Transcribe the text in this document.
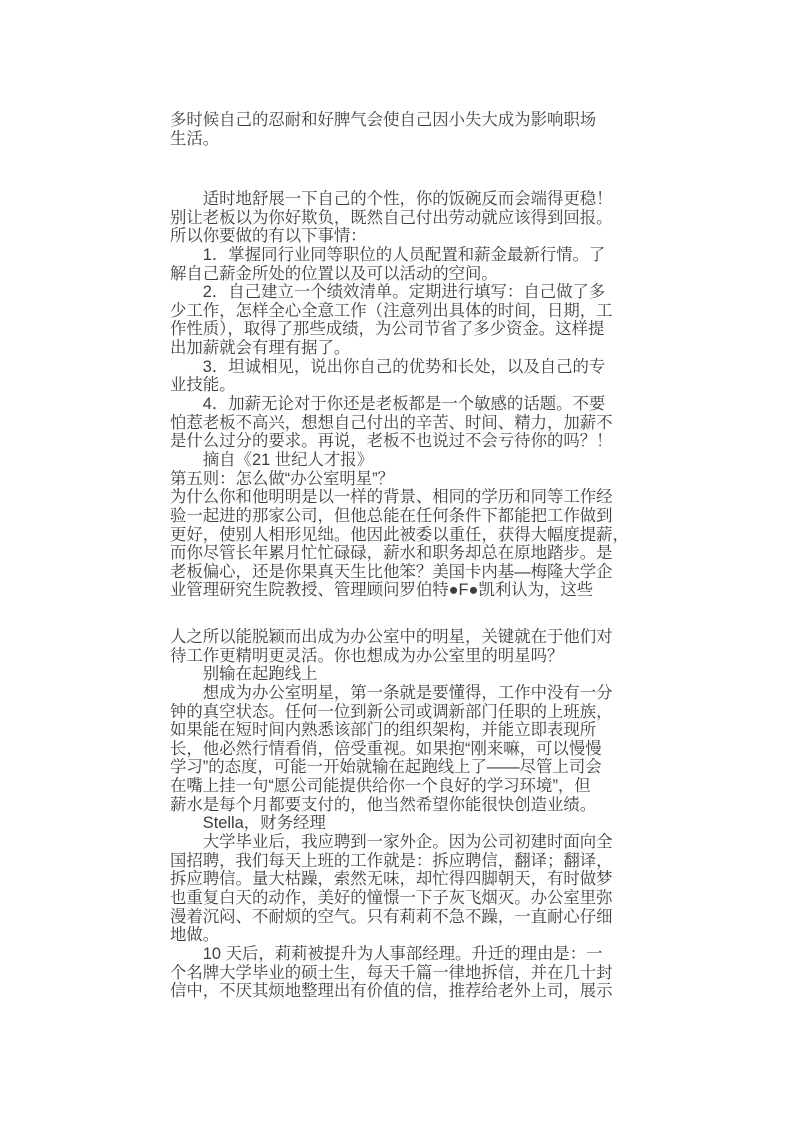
多时候自己的忍耐和好脾气会使自己因小失大成为影响职场
生活。
　　适时地舒展一下自己的个性，你的饭碗反而会端得更稳！
别让老板以为你好欺负，既然自己付出劳动就应该得到回报。
所以你要做的有以下事情：
　　1．掌握同行业同等职位的人员配置和薪金最新行情。了
解自己薪金所处的位置以及可以活动的空间。
　　2．自己建立一个绩效清单。定期进行填写：自己做了多
少工作，怎样全心全意工作（注意列出具体的时间，日期，工
作性质），取得了那些成绩，为公司节省了多少资金。这样提
出加薪就会有理有据了。
　　3．坦诚相见，说出你自己的优势和长处，以及自己的专
业技能。
　　4．加薪无论对于你还是老板都是一个敏感的话题。不要
怕惹老板不高兴，想想自己付出的辛苦、时间、精力，加薪不
是什么过分的要求。再说，老板不也说过不会亏待你的吗？！
　　摘自《21 世纪人才报》
第五则：怎么做“办公室明星”？
为什么你和他明明是以一样的背景、相同的学历和同等工作经
验一起进的那家公司，但他总能在任何条件下都能把工作做到
更好，使别人相形见绌。他因此被委以重任，获得大幅度提薪，
而你尽管长年累月忙忙碌碌，薪水和职务却总在原地踏步。是
老板偏心，还是你果真天生比他笨？美国卡内基—梅隆大学企
业管理研究生院教授、管理顾问罗伯特●F●凯利认为，这些
人之所以能脱颖而出成为办公室中的明星，关键就在于他们对
待工作更精明更灵活。你也想成为办公室里的明星吗？
　　别输在起跑线上
　　想成为办公室明星，第一条就是要懂得，工作中没有一分
钟的真空状态。任何一位到新公司或调新部门任职的上班族，
如果能在短时间内熟悉该部门的组织架构，并能立即表现所
长，他必然行情看俏，倍受重视。如果抱“刚来嘛，可以慢慢
学习”的态度，可能一开始就输在起跑线上了——尽管上司会
在嘴上挂一句“愿公司能提供给你一个良好的学习环境”，但
薪水是每个月都要支付的，他当然希望你能很快创造业绩。
　　Stella，财务经理
　　大学毕业后，我应聘到一家外企。因为公司初建时面向全
国招聘，我们每天上班的工作就是：拆应聘信，翻译；翻译，
拆应聘信。量大枯躁，索然无味，却忙得四脚朝天，有时做梦
也重复白天的动作，美好的憧憬一下子灰飞烟灭。办公室里弥
漫着沉闷、不耐烦的空气。只有莉莉不急不躁，一直耐心仔细
地做。
　　10 天后，莉莉被提升为人事部经理。升迁的理由是：一
个名牌大学毕业的硕士生，每天千篇一律地拆信，并在几十封
信中，不厌其烦地整理出有价值的信，推荐给老外上司，展示
